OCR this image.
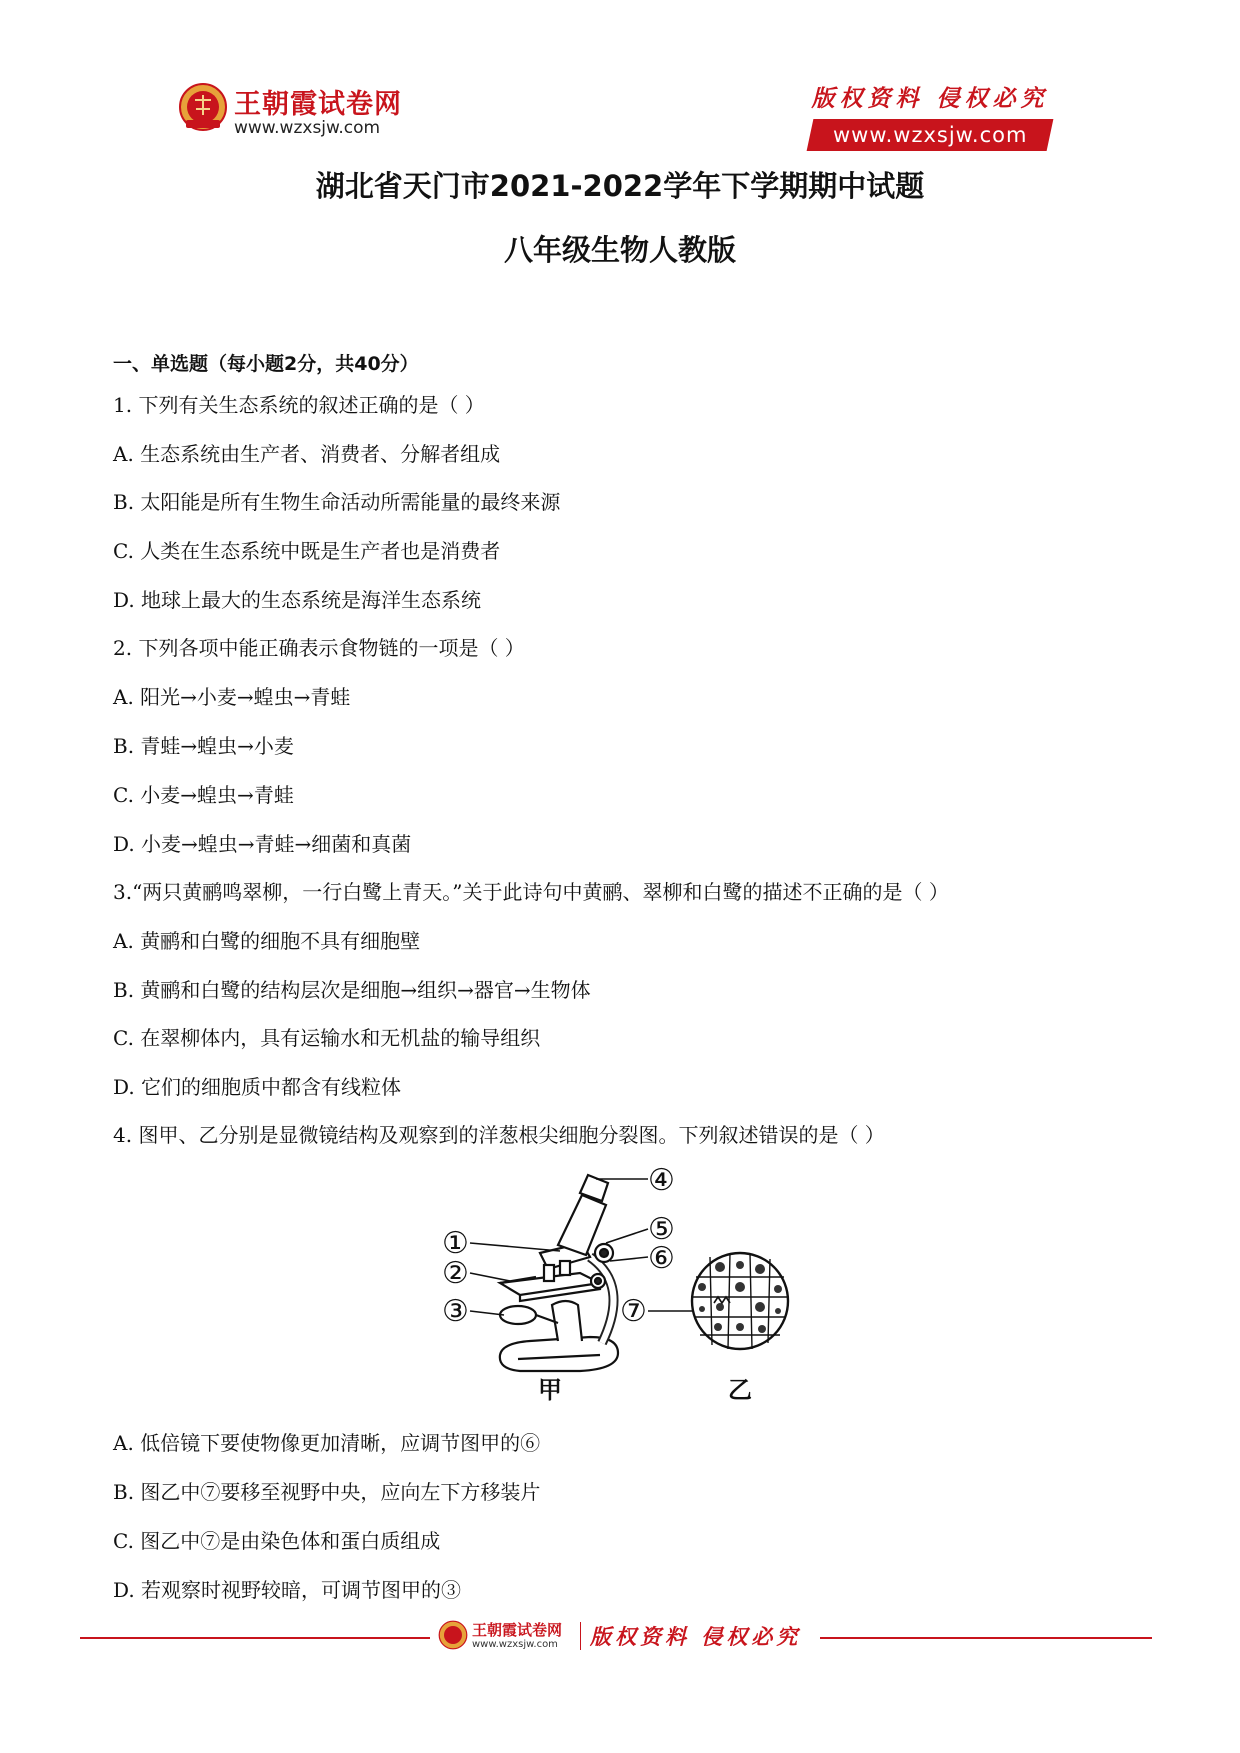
王朝霞试卷网
www.wzxsjw.com
版权资料 侵权必究
www.wzxsjw.com
湖北省天门市2021-2022学年下学期期中试题
八年级生物人教版
一、单选题（每小题2分，共40分）
1. 下列有关生态系统的叙述正确的是（ ）
A. 生态系统由生产者、消费者、分解者组成
B. 太阳能是所有生物生命活动所需能量的最终来源
C. 人类在生态系统中既是生产者也是消费者
D. 地球上最大的生态系统是海洋生态系统
2. 下列各项中能正确表示食物链的一项是（ ）
A. 阳光→小麦→蝗虫→青蛙
B. 青蛙→蝗虫→小麦
C. 小麦→蝗虫→青蛙
D. 小麦→蝗虫→青蛙→细菌和真菌
3.“两只黄鹂鸣翠柳，一行白鹭上青天。”关于此诗句中黄鹂、翠柳和白鹭的描述不正确的是（ ）
A. 黄鹂和白鹭的细胞不具有细胞壁
B. 黄鹂和白鹭的结构层次是细胞→组织→器官→生物体
C. 在翠柳体内，具有运输水和无机盐的输导组织
D. 它们的细胞质中都含有线粒体
4. 图甲、乙分别是显微镜结构及观察到的洋葱根尖细胞分裂图。下列叙述错误的是（ ）
④
①
②
③
⑤
⑥
⑦
甲	乙
A. 低倍镜下要使物像更加清晰，应调节图甲的⑥
B. 图乙中⑦要移至视野中央，应向左下方移装片
C. 图乙中⑦是由染色体和蛋白质组成
D. 若观察时视野较暗，可调节图甲的③
王朝霞试卷网
www.wzxsjw.com 版权资料 侵权必究
